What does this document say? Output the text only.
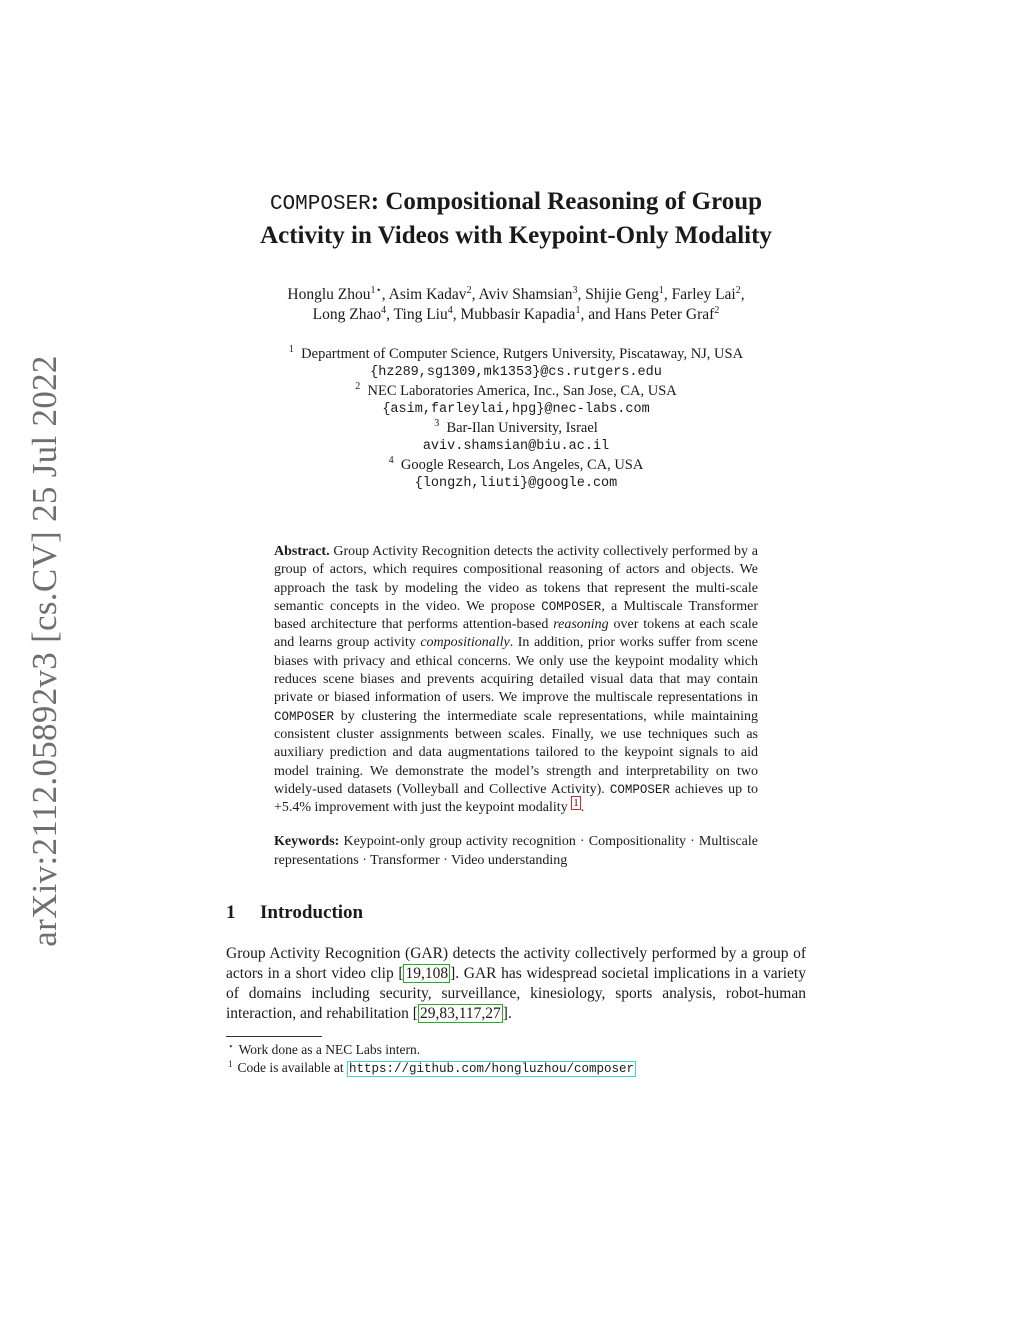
arXiv:2112.05892v3 [cs.CV] 25 Jul 2022
COMPOSER: Compositional Reasoning of Group
Activity in Videos with Keypoint-Only Modality
Honglu Zhou$^{1⋆}$, Asim Kadav$^2$, Aviv Shamsian$^3$, Shijie Geng$^1$, Farley Lai$^2$,
Long Zhao$^4$, Ting Liu$^4$, Mubbasir Kapadia$^1$, and Hans Peter Graf$^2$
$^1$ Department of Computer Science, Rutgers University, Piscataway, NJ, USA
{hz289,sg1309,mk1353}@cs.rutgers.edu
$^2$ NEC Laboratories America, Inc., San Jose, CA, USA
{asim,farleylai,hpg}@nec-labs.com
$^3$ Bar-Ilan University, Israel
aviv.shamsian@biu.ac.il
$^4$ Google Research, Los Angeles, CA, USA
{longzh,liuti}@google.com
Abstract. Group Activity Recognition detects the activity collectively performed by a group of actors, which requires compositional reasoning of actors and objects. We approach the task by modeling the video as tokens that represent the multi-scale semantic concepts in the video. We propose COMPOSER, a Multiscale Transformer based architecture that performs attention-based reasoning over tokens at each scale and learns group activity compositionally. In addition, prior works suffer from scene biases with privacy and ethical concerns. We only use the keypoint modality which reduces scene biases and prevents acquiring detailed visual data that may contain private or biased information of users. We improve the multiscale representations in COMPOSER by clustering the intermediate scale representations, while maintaining consistent cluster assignments between scales. Finally, we use techniques such as auxiliary prediction and data augmentations tailored to the keypoint signals to aid model training. We demonstrate the model’s strength and interpretability on two widely-used datasets (Volleyball and Collective Activity). COMPOSER achieves up to +5.4% improvement with just the keypoint modality $^1$ .
Keywords: Keypoint-only group activity recognition · Compositionality · Multiscale representations · Transformer · Video understanding
1 Introduction
Group Activity Recognition (GAR) detects the activity collectively performed by a group of actors in a short video clip [ 19,108 ]. GAR has widespread societal implications in a variety of domains including security, surveillance, kinesiology, sports analysis, robot-human interaction, and rehabilitation [ 29,83,117,27 ].
⋆ Work done as a NEC Labs intern.
$^1$ Code is available at https://github.com/hongluzhou/composer
